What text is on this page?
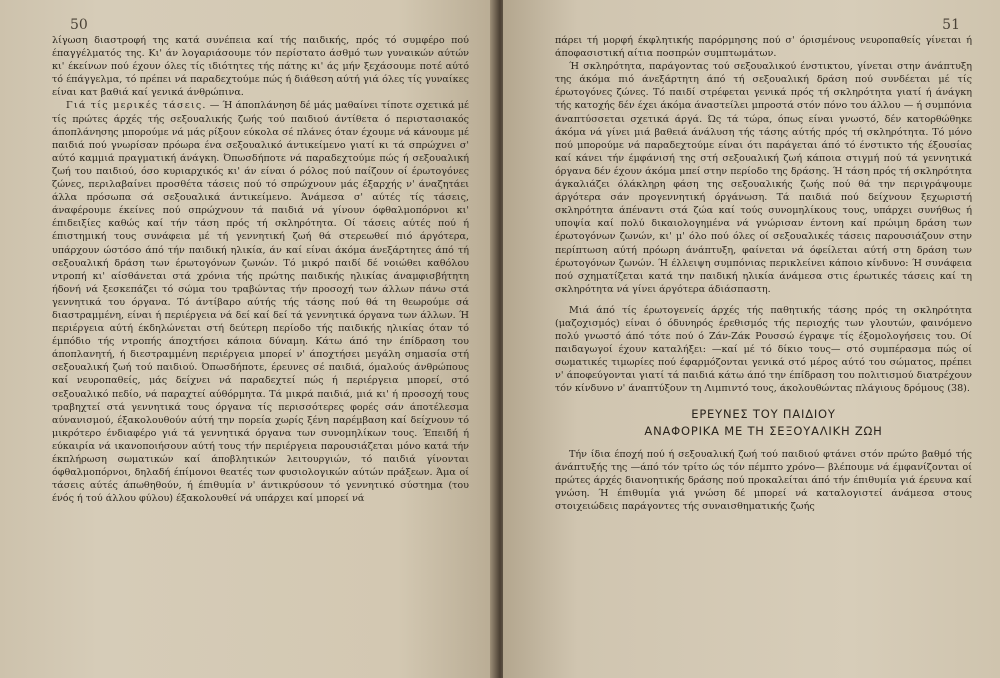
50

λίγωση διαστροφή της κατά συνέπεια καί τής παιδικής, πρός τό συμφέρο πού έπαγγέλματός της. Κι' άν λογαριάσουμε τόν περίστατο άσθμό των γυναικών αύτών κι' έκείνων πού έχουν όλες τίς ιδιότητες τής πάτης κι' άς μήν ξεχάσουμε ποτέ αύτό τό έπάγγελμα, τό πρέπει νά παραδεχτούμε πώς ή διάθεση αύτή γιά όλες τίς γυναίκες είναι κατ βαθιά καί γενικά άνθρώπινα.

Γιά τίς μερικές τάσεις. — Ή άποπλάνηση δέ μάς μαθαίνει τίποτε σχετικά μέ τίς πρώτες άρχές τής σεξουαλικής ζωής τού παιδιού άντίθετα ό περιστασιακός άποπλάνησης μπορούμε νά μάς ρίξουν εύκολα σέ πλάνες όταν έχουμε νά κάνουμε μέ παιδιά πού γνωρίσαν πρόωρα ένα σεξουαλικό άντικείμενο γιατί κι τά σπρώχνει σ' αύτό καμμιά πραγματική άνάγκη. Όπωσδήποτε νά παραδεχτούμε πώς ή σεξουαλική ζωή του παιδιού, όσο κυριαρχικός κι' άν είναι ό ρόλος πού παίζουν οί έρωτογόνες ζώνες, περιλαβαίνει προσθέτα τάσεις πού τό σπρώχνουν μάς έξαρχής ν' άναζητάει άλλα πρόσωπα σά σεξουαλικά άντικείμενο. Άνάμεσα σ' αύτές τίς τάσεις, άναφέρουμε έκείνες πού σπρώχνουν τά παιδιά νά γίνουν όφθαλμοπόρνοι κι' έπιδειξίες καθώς καί τήν τάση πρός τή σκληρότητα. Οί τάσεις αύτές πού ή έπιστημική τους συνάφεια μέ τή γεννητική ζωή θά στερεωθεί πιό άργότερα, υπάρχουν ώστόσο άπό τήν παιδική ηλικία, άν καί είναι άκόμα άνεξάρτητες άπό τή σεξουαλική δράση των έρωτογόνων ζωνών. Τό μικρό παιδί δέ νοιώθει καθόλου ντροπή κι' αίσθάνεται στά χρόνια τής πρώτης παιδικής ηλικίας άναμφισβήτητη ήδονή νά ξεσκεπάζει τό σώμα του τραβώντας τήν προσοχή των άλλων πάνω στά γεννητικά του όργανα. Τό άντίβαρο αύτής τής τάσης πού θά τη θεωρούμε σά διαστραμμένη, είναι ή περιέργεια νά δεί καί δεί τά γεννητικά όργανα των άλλων. Ή περιέργεια αύτή έκδηλώνεται στή δεύτερη περίοδο τής παιδικής ηλικίας όταν τό έμπόδιο τής ντροπής άποχτήσει κάποια δύναμη. Κάτω άπό την έπίδραση του άποπλανητή, ή διεστραμμένη περιέργεια μπορεί ν' άποχτήσει μεγάλη σημασία στή σεξουαλική ζωή τού παιδιού. Όπωσδήποτε, έρευνες σέ παιδιά, όμαλούς άνθρώπους καί νευροπαθείς, μάς δείχνει νά παραδεχτεί πώς ή περιέργεια μπορεί, στό σεξουαλικό πεδίο, νά παραχτεί αύθόρμητα. Τά μικρά παιδιά, μιά κι' ή προσοχή τους τραβηχτεί στά γεννητικά τους όργανα τίς περισσότερες φορές σάν άποτέλεσμα αύνανισμού, έξακολουθούν αύτή την πορεία χωρίς ξένη παρέμβαση καί δείχνουν τό μικρότερο ένδιαφέρο γιά τά γεννητικά όργανα των συνομηλίκων τους. Έπειδή ή εύκαιρία νά ικανοποιήσουν αύτή τους τήν περιέργεια παρουσιάζεται μόνο κατά τήν έκπλήρωση σωματικών καί άποβλητικών λειτουργιών, τό παιδιά γίνονται όφθαλμοπόρνοι, δηλαδή έπίμονοι θεατές των φυσιολογικών αύτών πράξεων. Άμα οί τάσεις αύτές άπωθηθούν, ή έπιθυμία ν' άντικρύσουν τό γεννητικό σύστημα (του ένός ή τού άλλου φύλου) έξακολουθεί νά υπάρχει καί μπορεί νά

51

πάρει τή μορφή έκφλητικής παρόρμησης πού σ' όρισμένους νευροπαθείς γίνεται ή άποφασιστική αίτια ποσπρών συμπτωμάτων.

Ή σκληρότητα, παράγοντας τού σεξουαλικού ένστικτου, γίνεται στην άνάπτυξη της άκόμα πιό άνεξάρτητη άπό τή σεξουαλική δράση πού συνδέεται μέ τίς έρωτογόνες ζώνες. Τό παιδί στρέφεται γενικά πρός τή σκληρότητα γιατί ή άνάγκη τής κατοχής δέν έχει άκόμα άναστείλει μπροστά στόν πόνο του άλλου — ή συμπόνια άναπτύσσεται σχετικά άργά. Ώς τά τώρα, όπως είναι γνωστό, δέν κατορθώθηκε άκόμα νά γίνει μιά βαθειά άνάλυση τής τάσης αύτής πρός τή σκληρότητα. Τό μόνο πού μπορούμε νά παραδεχτούμε είναι ότι παράγεται άπό τό ένστικτο τής έξουσίας καί κάνει τήν έμφάνισή της στή σεξουαλική ζωή κάποια στιγμή πού τά γεννητικά όργανα δέν έχουν άκόμα μπεί στην περίοδο της δράσης. Ή τάση πρός τή σκληρότητα άγκαλιάζει όλάκληρη φάση της σεξουαλικής ζωής πού θά την περιγράψουμε άργότερα σάν προγεννητική όργάνωση. Τά παιδιά πού δείχνουν ξεχωριστή σκληρότητα άπέναντι στά ζώα καί τούς συνομηλίκους τους, υπάρχει συνήθως ή υποψία καί πολύ δικαιολογημένα νά γνώρισαν έντονη καί πρώιμη δράση των έρωτογόνων ζωνών, κι' μ' όλο πού όλες οί σεξουαλικές τάσεις παρουσιάζουν στην περίπτωση αύτή πρόωρη άνάπτυξη, φαίνεται νά όφείλεται αύτή στη δράση των έρωτογόνων ζωνών. Ή έλλειψη συμπόνιας περικλείνει κάποιο κίνδυνο: Ή συνάφεια πού σχηματίζεται κατά την παιδική ηλικία άνάμεσα στις έρωτικές τάσεις καί τη σκληρότητα νά γίνει άργότερα άδιάσπαστη.

Μιά άπό τίς έρωτογενείς άρχές τής παθητικής τάσης πρός τη σκληρότητα (μαζοχισμός) είναι ό όδυνηρός έρεθισμός τής περιοχής των γλουτών, φαινόμενο πολύ γνωστό άπό τότε πού ό Ζάν-Ζάκ Ρουσσώ έγραψε τίς έξομολογήσεις του. Οί παιδαγωγοί έχουν καταλήξει: —καί μέ τό δίκιο τους— στό συμπέρασμα πώς οί σωματικές τιμωρίες πού έφαρμόζονται γενικά στό μέρος αύτό του σώματος, πρέπει ν' άποφεύγονται γιατί τά παιδιά κάτω άπό την έπίδραση του πολιτισμού διατρέχουν τόν κίνδυνο ν' άναπτύξουν τη Λιμπιντό τους, άκολουθώντας πλάγιους δρόμους (38).

ΕΡΕΥΝΕΣ ΤΟΥ ΠΑΙΔΙΟΥ

ΑΝΑΦΟΡΙΚΑ ΜΕ ΤΗ ΣΕΞΟΥΑΛΙΚΗ ΖΩΗ

Τήν ίδια έποχή πού ή σεξουαλική ζωή τού παιδιού φτάνει στόν πρώτο βαθμό τής άνάπτυξής της —άπό τόν τρίτο ώς τόν πέμπτο χρόνο— βλέπουμε νά έμφανίζονται οί πρώτες άρχές διανοητικής δράσης πού προκαλείται άπό τήν έπιθυμία γιά έρευνα καί γνώση. Ή έπιθυμία γιά γνώση δέ μπορεί νά καταλογιστεί άνάμεσα στους στοιχειώδεις παράγοντες τής συναισθηματικής ζωής
